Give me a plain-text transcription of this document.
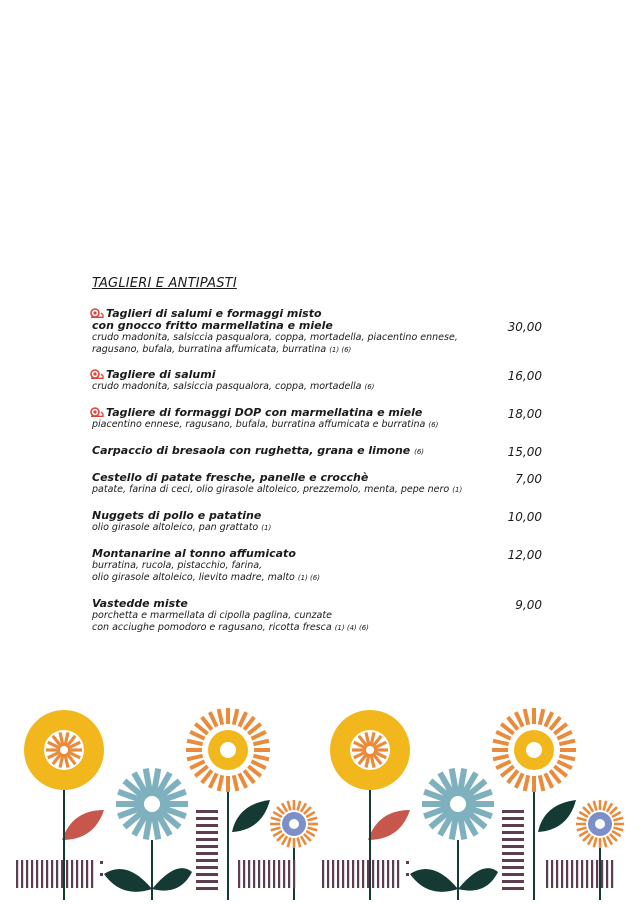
TAGLIERI E ANTIPASTI

Taglieri di salumi e formaggi misto
con gnocco fritto marmellatina e miele

crudo madonita, salsiccia pasqualora, coppa, mortadella, piacentino ennese,
ragusano, bufala, burratina affumicata, burratina (1) (6)

30,00

Tagliere di salumi

crudo madonita, salsiccia pasqualora, coppa, mortadella (6)

16,00

Tagliere di formaggi DOP con marmellatina e miele

piacentino ennese, ragusano, bufala, burratina affumicata e burratina (6)

18,00

Carpaccio di bresaola con rughetta, grana e limone (6)	15,00

Cestello di patate fresche, panelle e crocchè

patate, farina di ceci, olio girasole altoleico, prezzemolo, menta, pepe nero (1)

7,00

Nuggets di pollo e patatine

olio girasole altoleico, pan grattato (1)

10,00

Montanarine al tonno affumicato

burratina, rucola, pistacchio, farina,
olio girasole altoleico, lievito madre, malto (1) (6)

12,00

Vastedde miste

porchetta e marmellata di cipolla paglina, cunzate
con acciughe pomodoro e ragusano, ricotta fresca (1) (4) (6)

9,00
